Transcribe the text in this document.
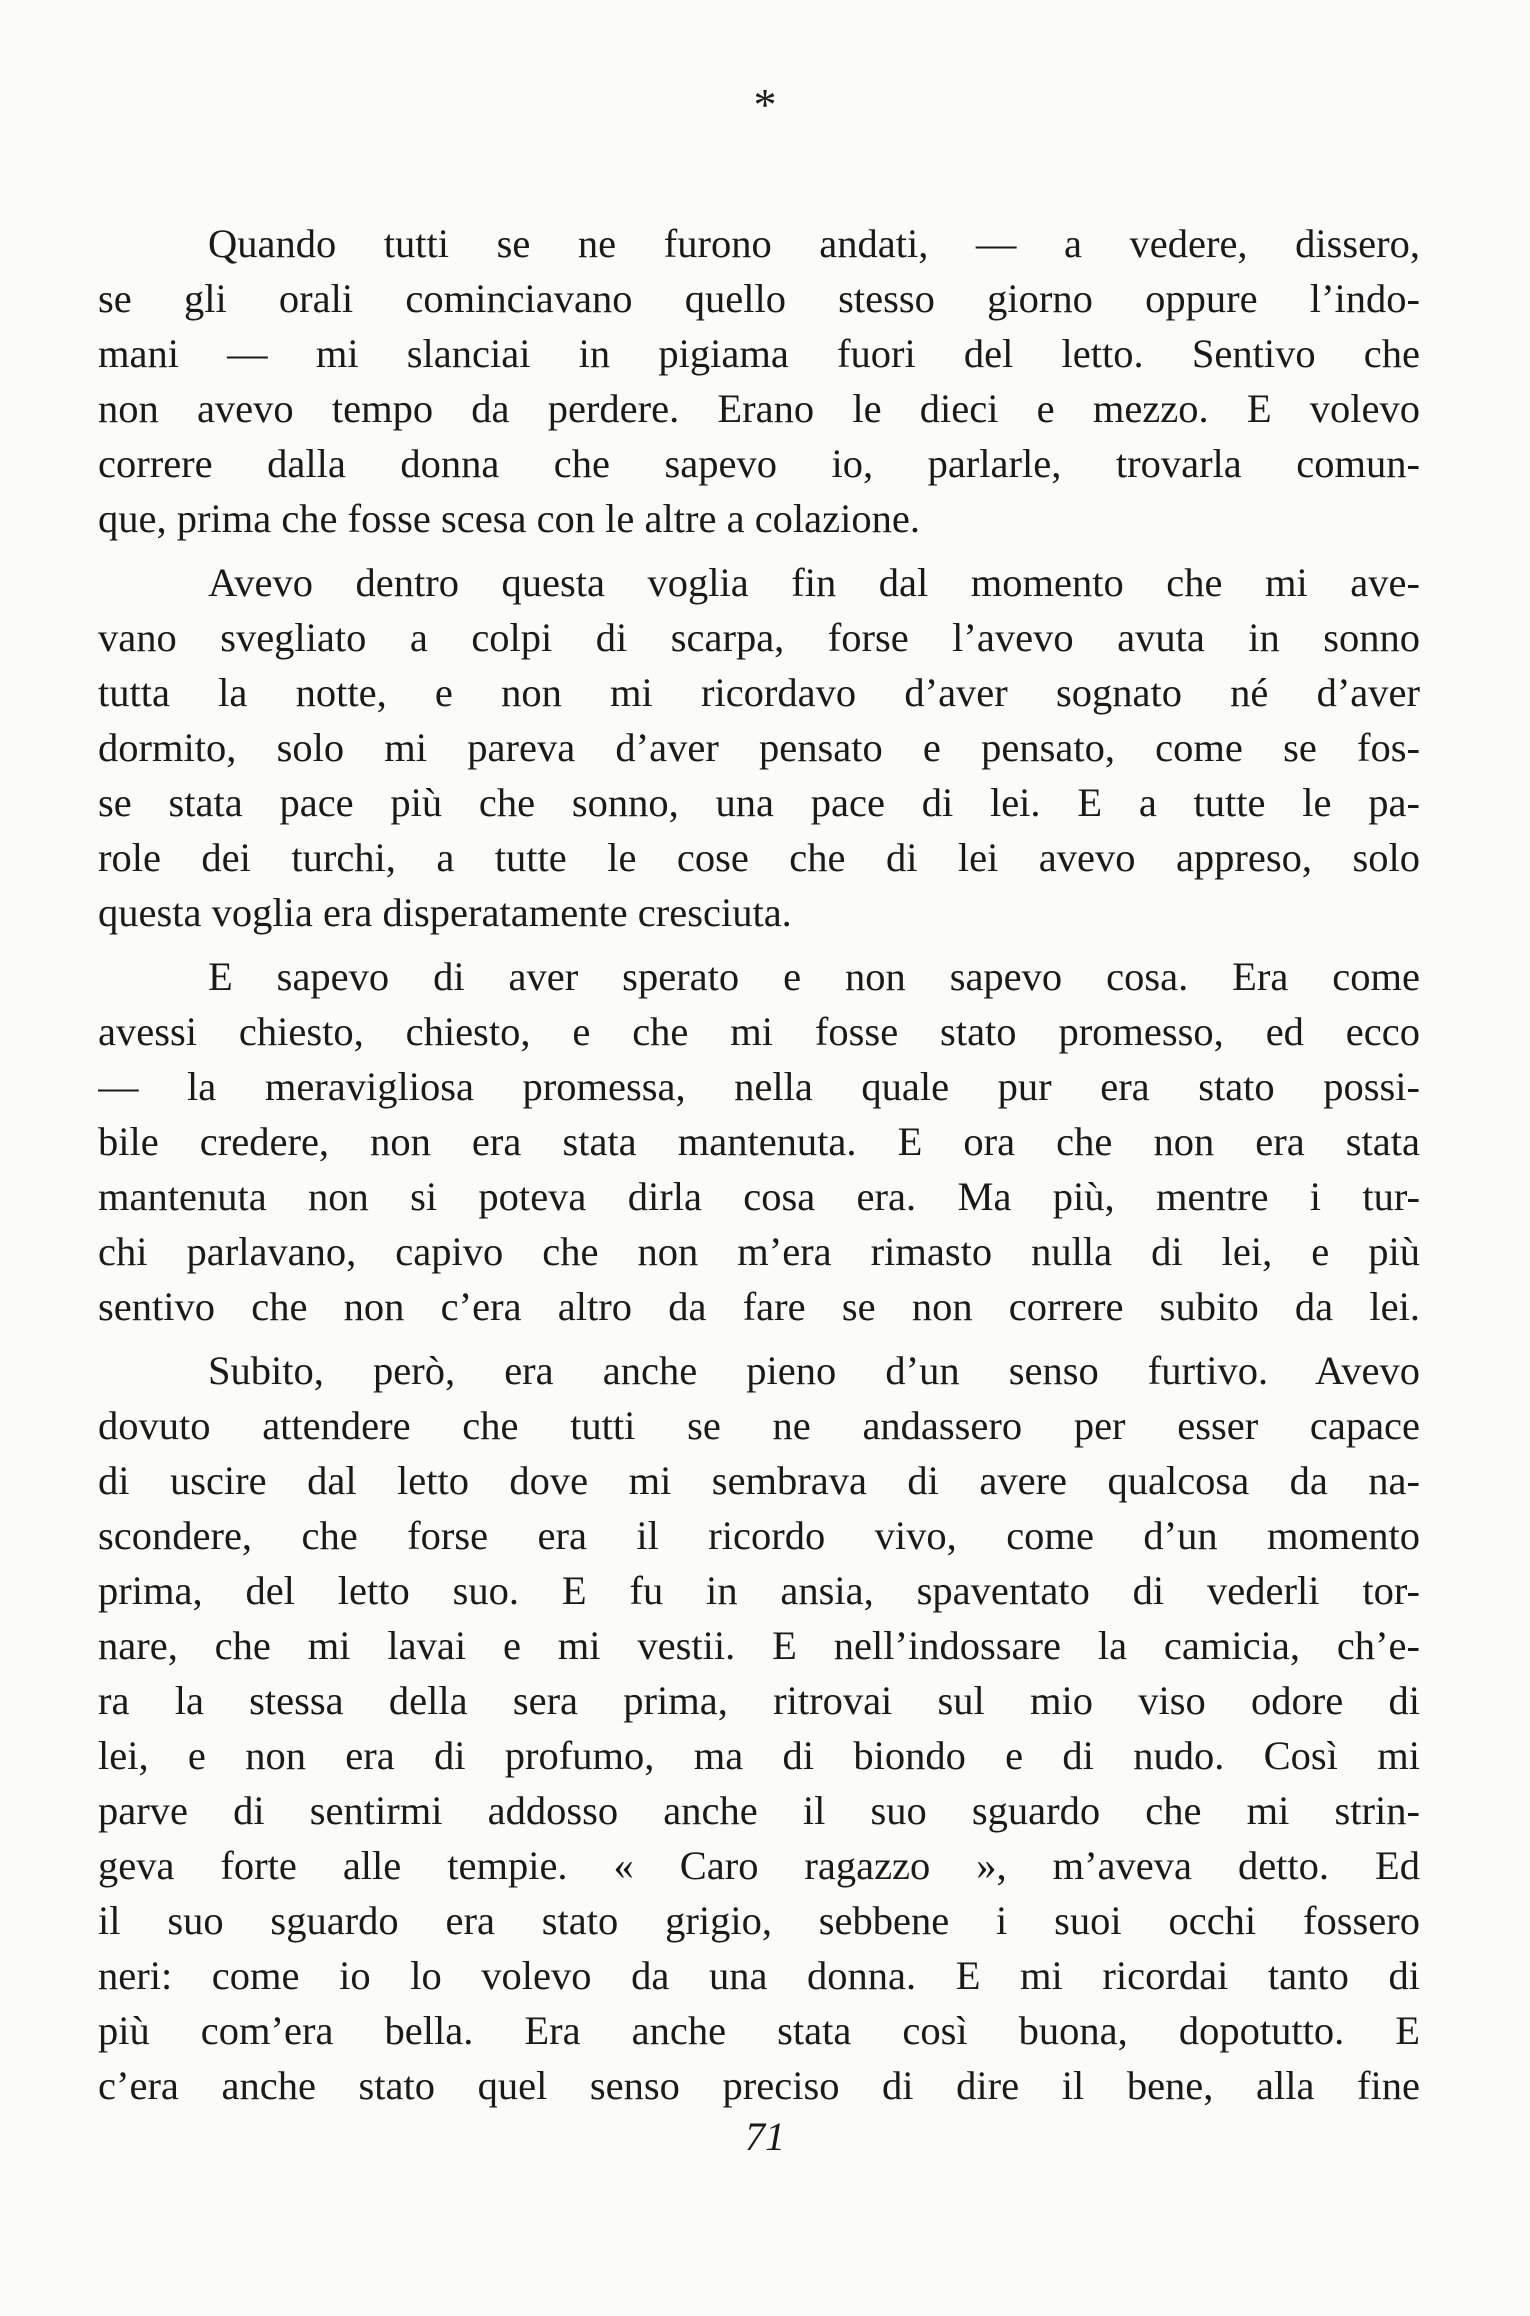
*
Quando tutti se ne furono andati, — a vedere, dissero,
se gli orali cominciavano quello stesso giorno oppure l’indo-
mani — mi slanciai in pigiama fuori del letto. Sentivo che
non avevo tempo da perdere. Erano le dieci e mezzo. E volevo
correre dalla donna che sapevo io, parlarle, trovarla comun-
que, prima che fosse scesa con le altre a colazione.
Avevo dentro questa voglia fin dal momento che mi ave-
vano svegliato a colpi di scarpa, forse l’avevo avuta in sonno
tutta la notte, e non mi ricordavo d’aver sognato né d’aver
dormito, solo mi pareva d’aver pensato e pensato, come se fos-
se stata pace più che sonno, una pace di lei. E a tutte le pa-
role dei turchi, a tutte le cose che di lei avevo appreso, solo
questa voglia era disperatamente cresciuta.
E sapevo di aver sperato e non sapevo cosa. Era come
avessi chiesto, chiesto, e che mi fosse stato promesso, ed ecco
— la meravigliosa promessa, nella quale pur era stato possi-
bile credere, non era stata mantenuta. E ora che non era stata
mantenuta non si poteva dirla cosa era. Ma più, mentre i tur-
chi parlavano, capivo che non m’era rimasto nulla di lei, e più
sentivo che non c’era altro da fare se non correre subito da lei.
Subito, però, era anche pieno d’un senso furtivo. Avevo
dovuto attendere che tutti se ne andassero per esser capace
di uscire dal letto dove mi sembrava di avere qualcosa da na-
scondere, che forse era il ricordo vivo, come d’un momento
prima, del letto suo. E fu in ansia, spaventato di vederli tor-
nare, che mi lavai e mi vestii. E nell’indossare la camicia, ch’e-
ra la stessa della sera prima, ritrovai sul mio viso odore di
lei, e non era di profumo, ma di biondo e di nudo. Così mi
parve di sentirmi addosso anche il suo sguardo che mi strin-
geva forte alle tempie. « Caro ragazzo », m’aveva detto. Ed
il suo sguardo era stato grigio, sebbene i suoi occhi fossero
neri: come io lo volevo da una donna. E mi ricordai tanto di
più com’era bella. Era anche stata così buona, dopotutto. E
c’era anche stato quel senso preciso di dire il bene, alla fine
71
